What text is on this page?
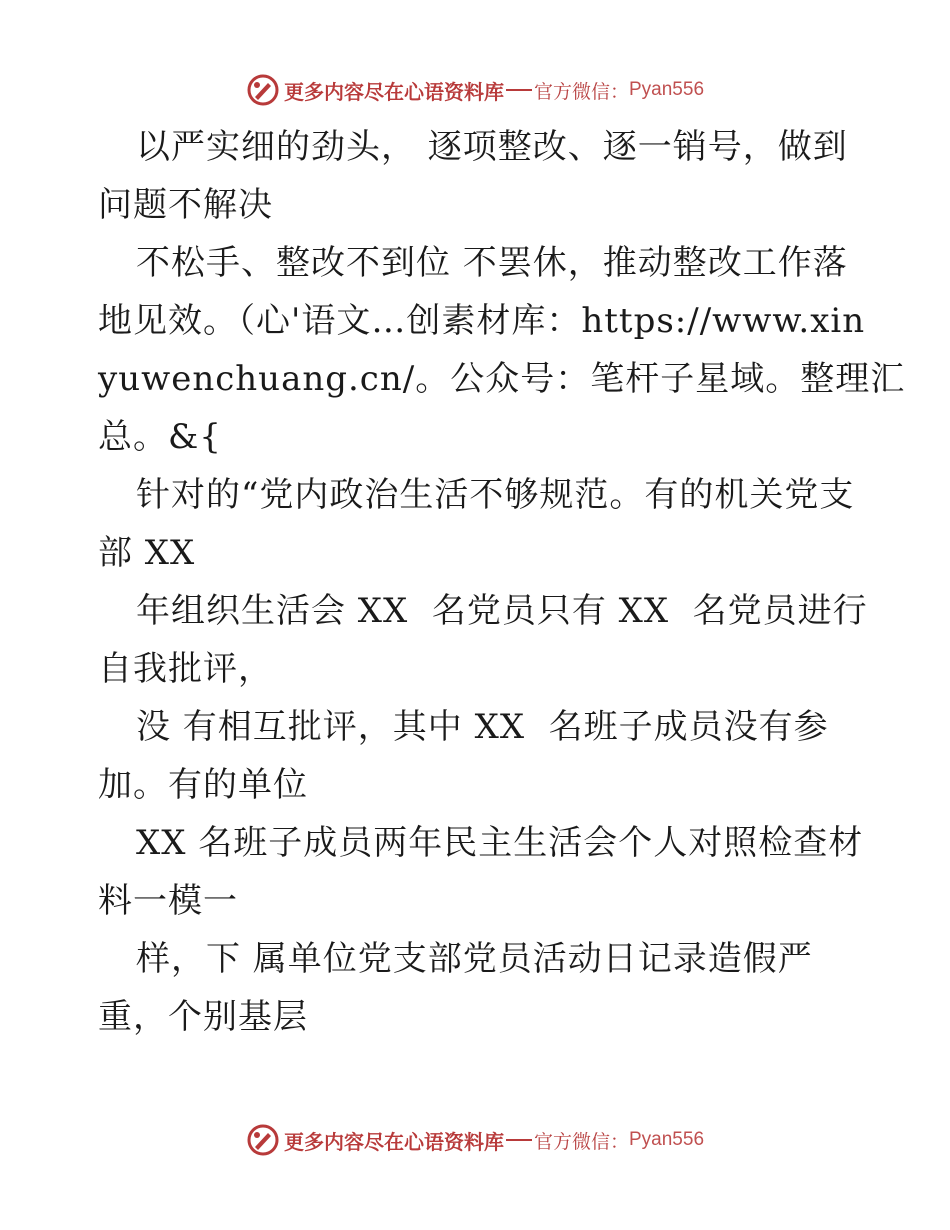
更多内容尽在心语资料库 官方微信： Pyan556
以严实细的劲头， 逐项整改、逐一销号，做到
问题不解决
不松手、整改不到位 不罢休，推动整改工作落
地见效。（心'语文…创素材库：https://www.xin
yuwenchuang.cn/。公众号：笔杆子星域。整理汇
总。&{
针对的“党内政治生活不够规范。有的机关党支
部 XX
年组织生活会 XX  名党员只有 XX  名党员进行
自我批评，
没 有相互批评，其中 XX  名班子成员没有参
加。有的单位
XX 名班子成员两年民主生活会个人对照检查材
料一模一
样，下 属单位党支部党员活动日记录造假严
重，个别基层
更多内容尽在心语资料库 官方微信： Pyan556
